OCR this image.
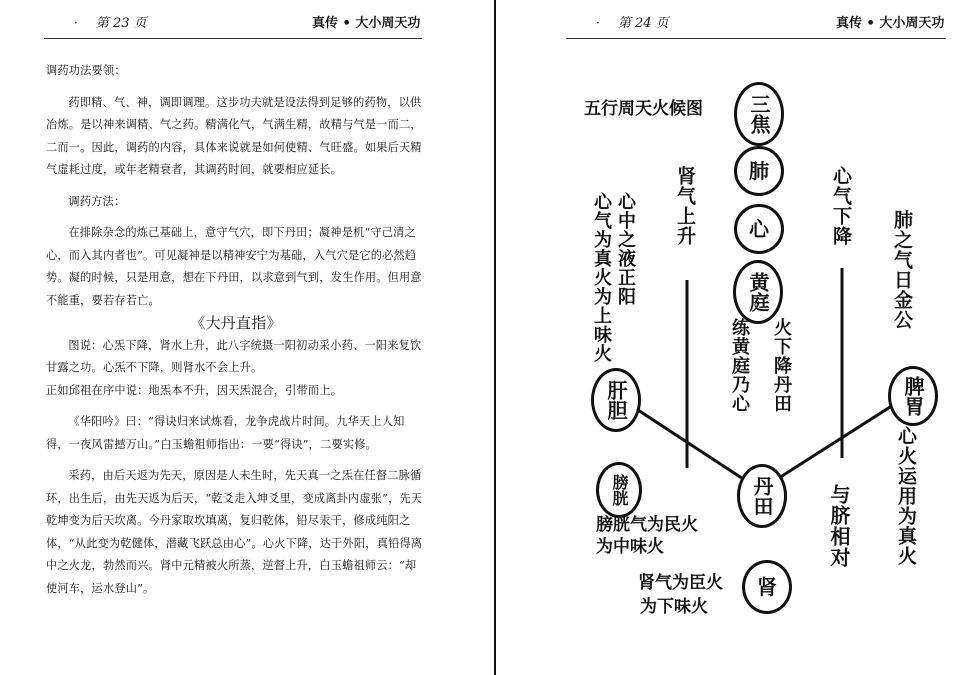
· 第 23 页	真传 • 大小周天功

调药功法要领：

药即精、气、神，调即调理。这步功夫就是设法得到足够的药物，以供冶炼。是以神来调精、气之药。精满化气，气满生精，故精与气是一而二，二而一。因此，调药的内容，具体来说就是如何使精、气旺盛。如果后天精气虚耗过度，或年老精衰者，其调药时间，就要相应延长。

调药方法：

在排除杂念的炼己基础上，意守气穴，即下丹田；凝神是机“守己清之心，而入其内者也”。可见凝神是以精神安宁为基础，入气穴是它的必然趋势。凝的时候，只是用意，想在下丹田，以求意到气到，发生作用。但用意不能重，要若存若亡。

《大丹直指》

图说：心炁下降，肾水上升，此八字统摄一阳初动采小药、一阳来复饮甘露之功。心炁不下降，则肾水不会上升。

正如邱祖在序中说：地炁本不升，因天炁混合，引带而上。

《华阳吟》曰：“得诀归来试炼看，龙争虎战片时间。九华天上人知得，一夜风雷撼万山。”白玉蟾祖师指出：一要“得诀”，二要实修。

采药，由后天返为先天，原因是人未生时，先天真一之炁在任督二脉循环，出生后，由先天返为后天，“乾爻走入坤爻里，变成离卦内虚张”，先天乾坤变为后天坎离。今丹家取坎填离，复归乾体，铅尽汞干，修成纯阳之体，“从此变为乾健体，潜藏飞跃总由心”。心火下降，达于外阳，真铅得离中之火龙，勃然而兴。肾中元精被火所蒸，逆督上升，白玉蟾祖师云：“却使河车，运水登山”。

· 第 24 页	真传 • 大小周天功
五行周天火候图 三焦
肺
心
黄庭
肝胆
膀胱	丹田
脾胃
肾
肾气上升	心气下降
心中之液正阳
心气为真火为上味火	肺之气日金公
练黄庭乃心 火下降丹田
心火运用为真火
膀胱气为民火为中味火	与脐相对
肾气为臣火
为下味火
